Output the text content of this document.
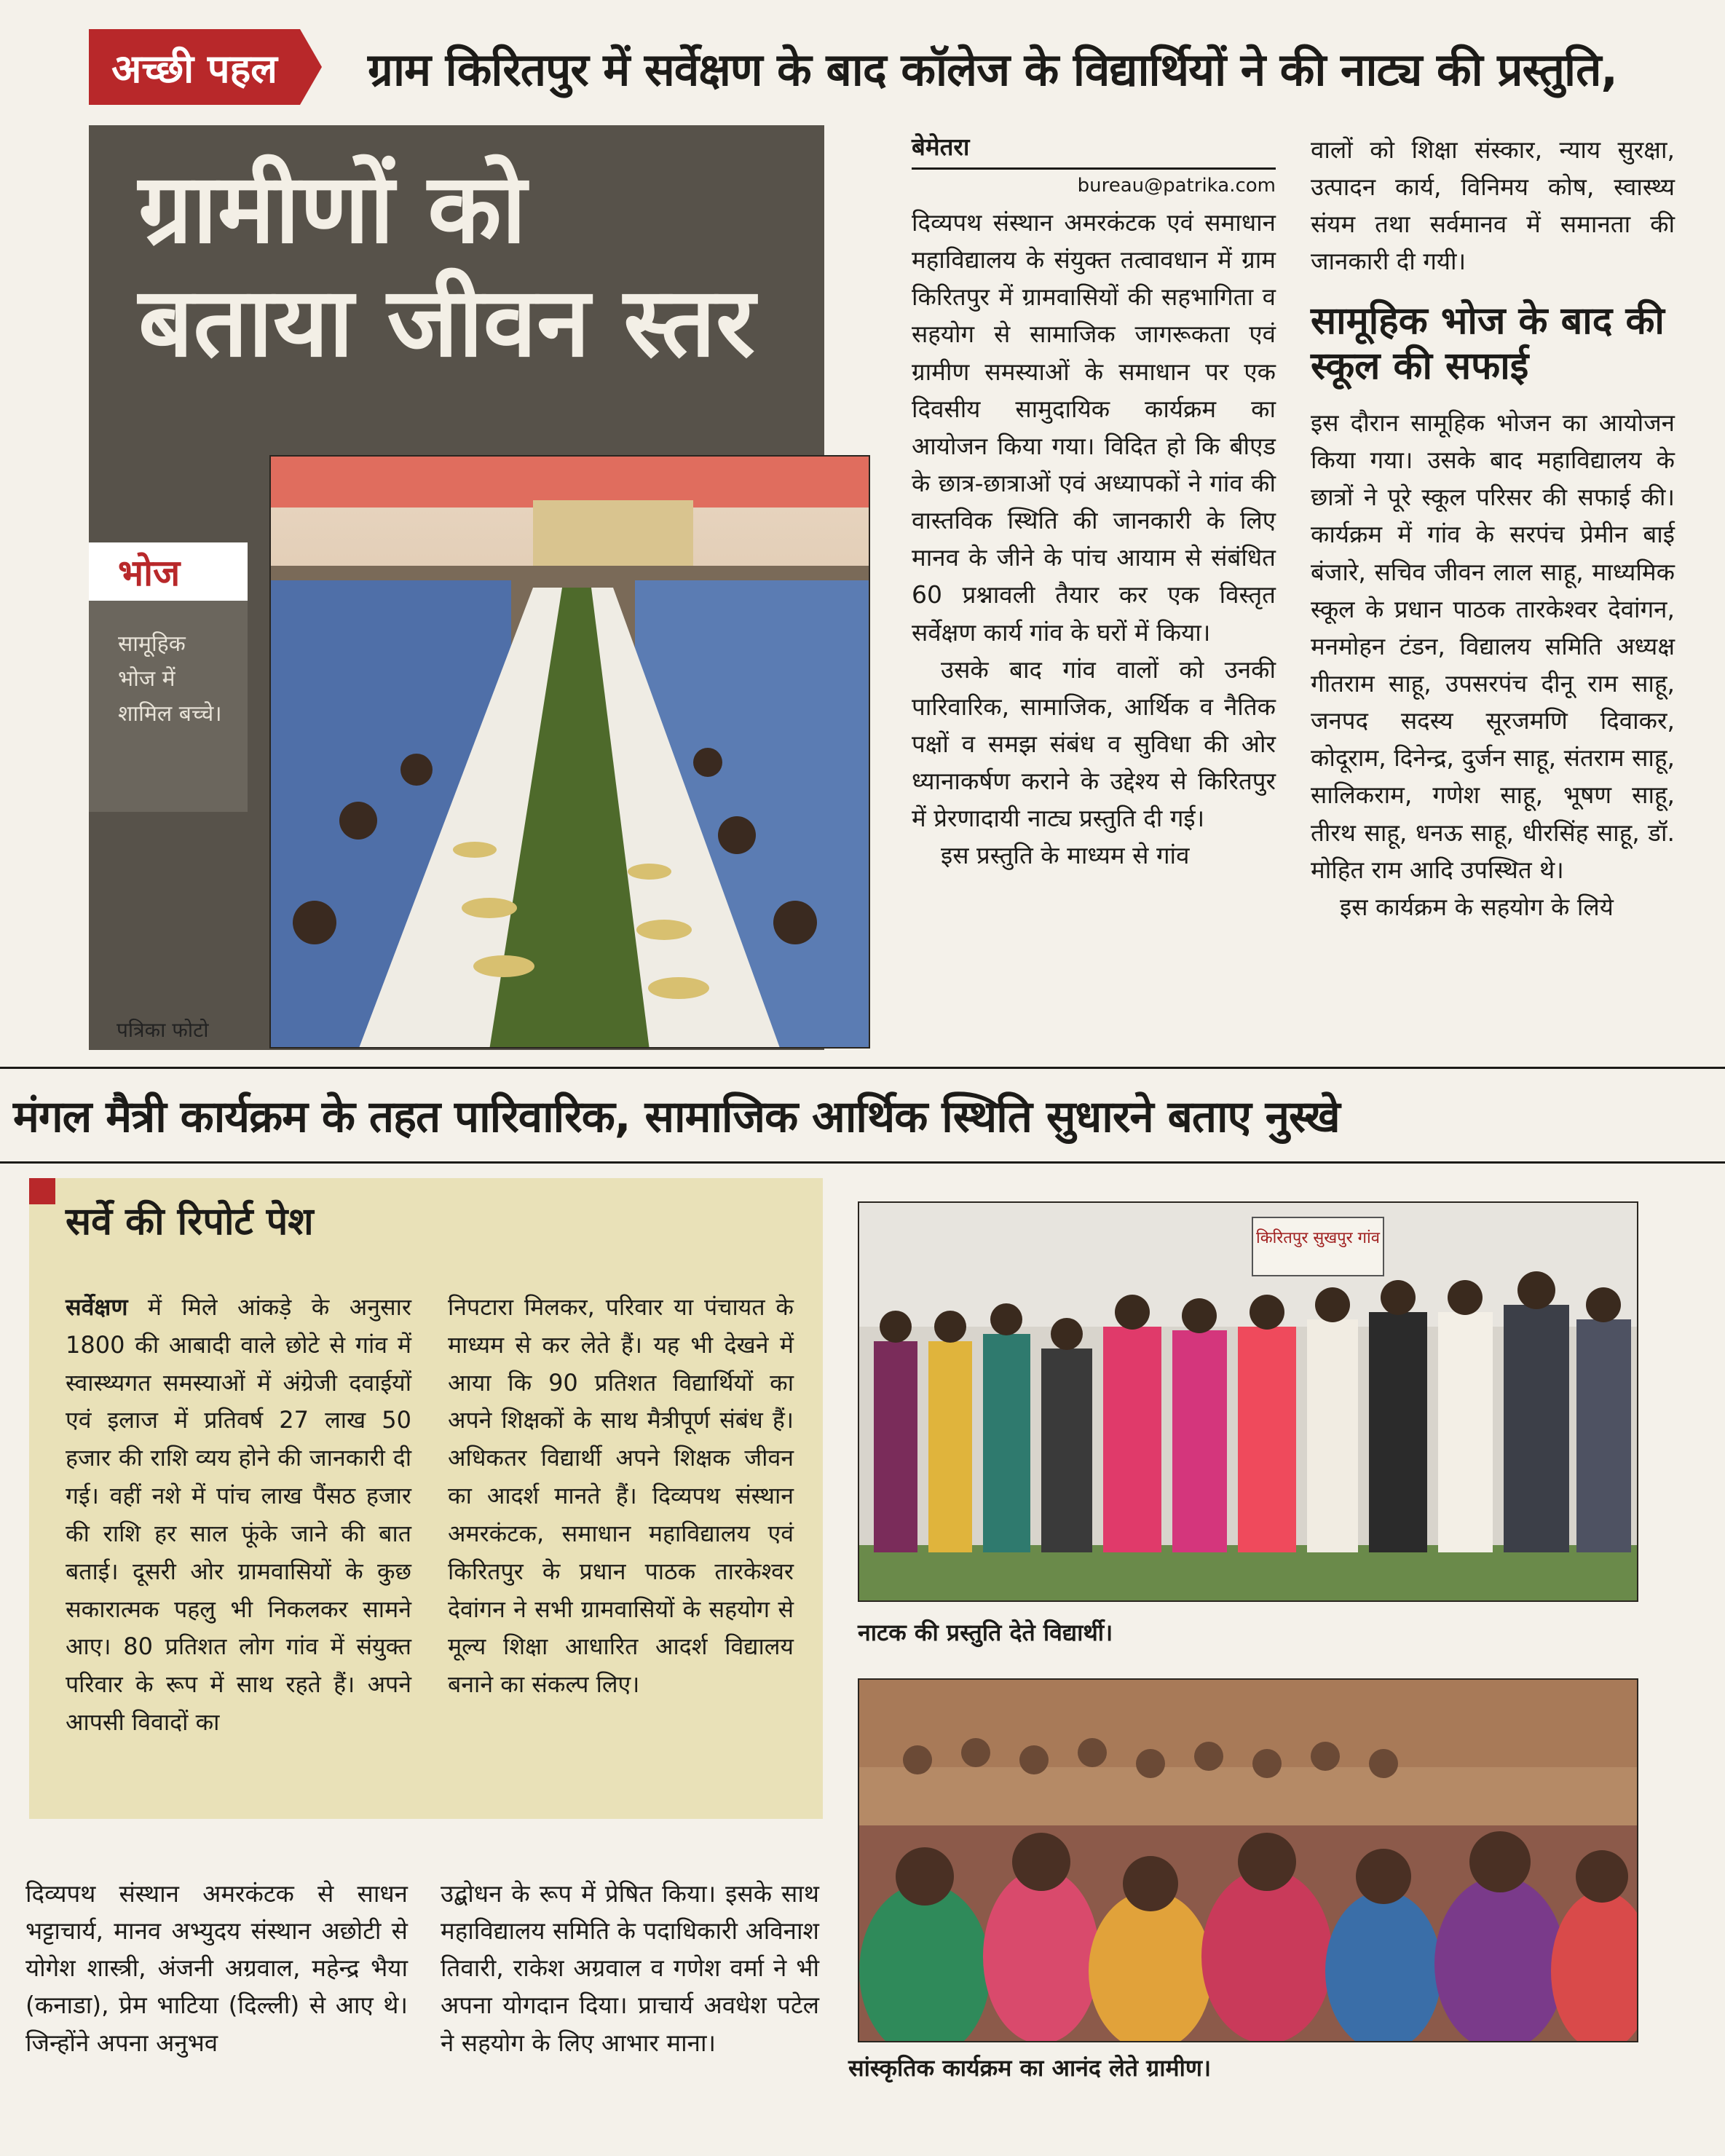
अच्छी पहल ग्राम किरितपुर में सर्वेक्षण के बाद कॉलेज के विद्यार्थियों ने की नाट्य की प्रस्तुति,
ग्रामीणों को
बताया जीवन स्तर
भोज
सामूहिक भोज में शामिल बच्चे।
पत्रिका फोटो
बेमेतरा
bureau@patrika.com

दिव्यपथ संस्थान अमरकंटक एवं समाधान महाविद्यालय के संयुक्त तत्वावधान में ग्राम किरितपुर में ग्रामवासियों की सहभागिता व सहयोग से सामाजिक जागरूकता एवं ग्रामीण समस्याओं के समाधान पर एक दिवसीय सामुदायिक कार्यक्रम का आयोजन किया गया। विदित हो कि बीएड के छात्र-छात्राओं एवं अध्यापकों ने गांव की वास्तविक स्थिति की जानकारी के लिए मानव के जीने के पांच आयाम से संबंधित 60 प्रश्नावली तैयार कर एक विस्तृत सर्वेक्षण कार्य गांव के घरों में किया।

उसके बाद गांव वालों को उनकी पारिवारिक, सामाजिक, आर्थिक व नैतिक पक्षों व समझ संबंध व सुविधा की ओर ध्यानाकर्षण कराने के उद्देश्य से किरितपुर में प्रेरणादायी नाट्य प्रस्तुति दी गई।

इस प्रस्तुति के माध्यम से गांव

वालों को शिक्षा संस्कार, न्याय सुरक्षा, उत्पादन कार्य, विनिमय कोष, स्वास्थ्य संयम तथा सर्वमानव में समानता की जानकारी दी गयी।
सामूहिक भोज के बाद की स्कूल की सफाई

इस दौरान सामूहिक भोजन का आयोजन किया गया। उसके बाद महाविद्यालय के छात्रों ने पूरे स्कूल परिसर की सफाई की। कार्यक्रम में गांव के सरपंच प्रेमीन बाई बंजारे, सचिव जीवन लाल साहू, माध्यमिक स्कूल के प्रधान पाठक तारकेश्वर देवांगन, मनमोहन टंडन, विद्यालय समिति अध्यक्ष गीतराम साहू, उपसरपंच दीनू राम साहू, जनपद सदस्य सूरजमणि दिवाकर, कोदूराम, दिनेन्द्र, दुर्जन साहू, संतराम साहू, सालिकराम, गणेश साहू, भूषण साहू, तीरथ साहू, धनऊ साहू, धीरसिंह साहू, डॉ. मोहित राम आदि उपस्थित थे।

इस कार्यक्रम के सहयोग के लिये

मंगल मैत्री कार्यक्रम के तहत पारिवारिक, सामाजिक आर्थिक स्थिति सुधारने बताए नुस्खे
सर्वे की रिपोर्ट पेश
सर्वेक्षण में मिले आंकड़े के अनुसार 1800 की आबादी वाले छोटे से गांव में स्वास्थ्यगत समस्याओं में अंग्रेजी दवाईयों एवं इलाज में प्रतिवर्ष 27 लाख 50 हजार की राशि व्यय होने की जानकारी दी गई। वहीं नशे में पांच लाख पैंसठ हजार की राशि हर साल फूंके जाने की बात बताई। दूसरी ओर ग्रामवासियों के कुछ सकारात्मक पहलु भी निकलकर सामने आए। 80 प्रतिशत लोग गांव में संयुक्त परिवार के रूप में साथ रहते हैं। अपने आपसी विवादों का
निपटारा मिलकर, परिवार या पंचायत के माध्यम से कर लेते हैं। यह भी देखने में आया कि 90 प्रतिशत विद्यार्थियों का अपने शिक्षकों के साथ मैत्रीपूर्ण संबंध हैं। अधिकतर विद्यार्थी अपने शिक्षक जीवन का आदर्श मानते हैं। दिव्यपथ संस्थान अमरकंटक, समाधान महाविद्यालय एवं किरितपुर के प्रधान पाठक तारकेश्वर देवांगन ने सभी ग्रामवासियों के सहयोग से मूल्य शिक्षा आधारित आदर्श विद्यालय बनाने का संकल्प लिए।
दिव्यपथ संस्थान अमरकंटक से साधन भट्टाचार्य, मानव अभ्युदय संस्थान अछोटी से योगेश शास्त्री, अंजनी अग्रवाल, महेन्द्र भैया (कनाडा), प्रेम भाटिया (दिल्ली) से आए थे। जिन्होंने अपना अनुभव
उद्बोधन के रूप में प्रेषित किया। इसके साथ महाविद्यालय समिति के पदाधिकारी अविनाश तिवारी, राकेश अग्रवाल व गणेश वर्मा ने भी अपना योगदान दिया। प्राचार्य अवधेश पटेल ने सहयोग के लिए आभार माना।
किरितपुर सुखपुर गांव
नाटक की प्रस्तुति देते विद्यार्थी।
सांस्कृतिक कार्यक्रम का आनंद लेते ग्रामीण।
